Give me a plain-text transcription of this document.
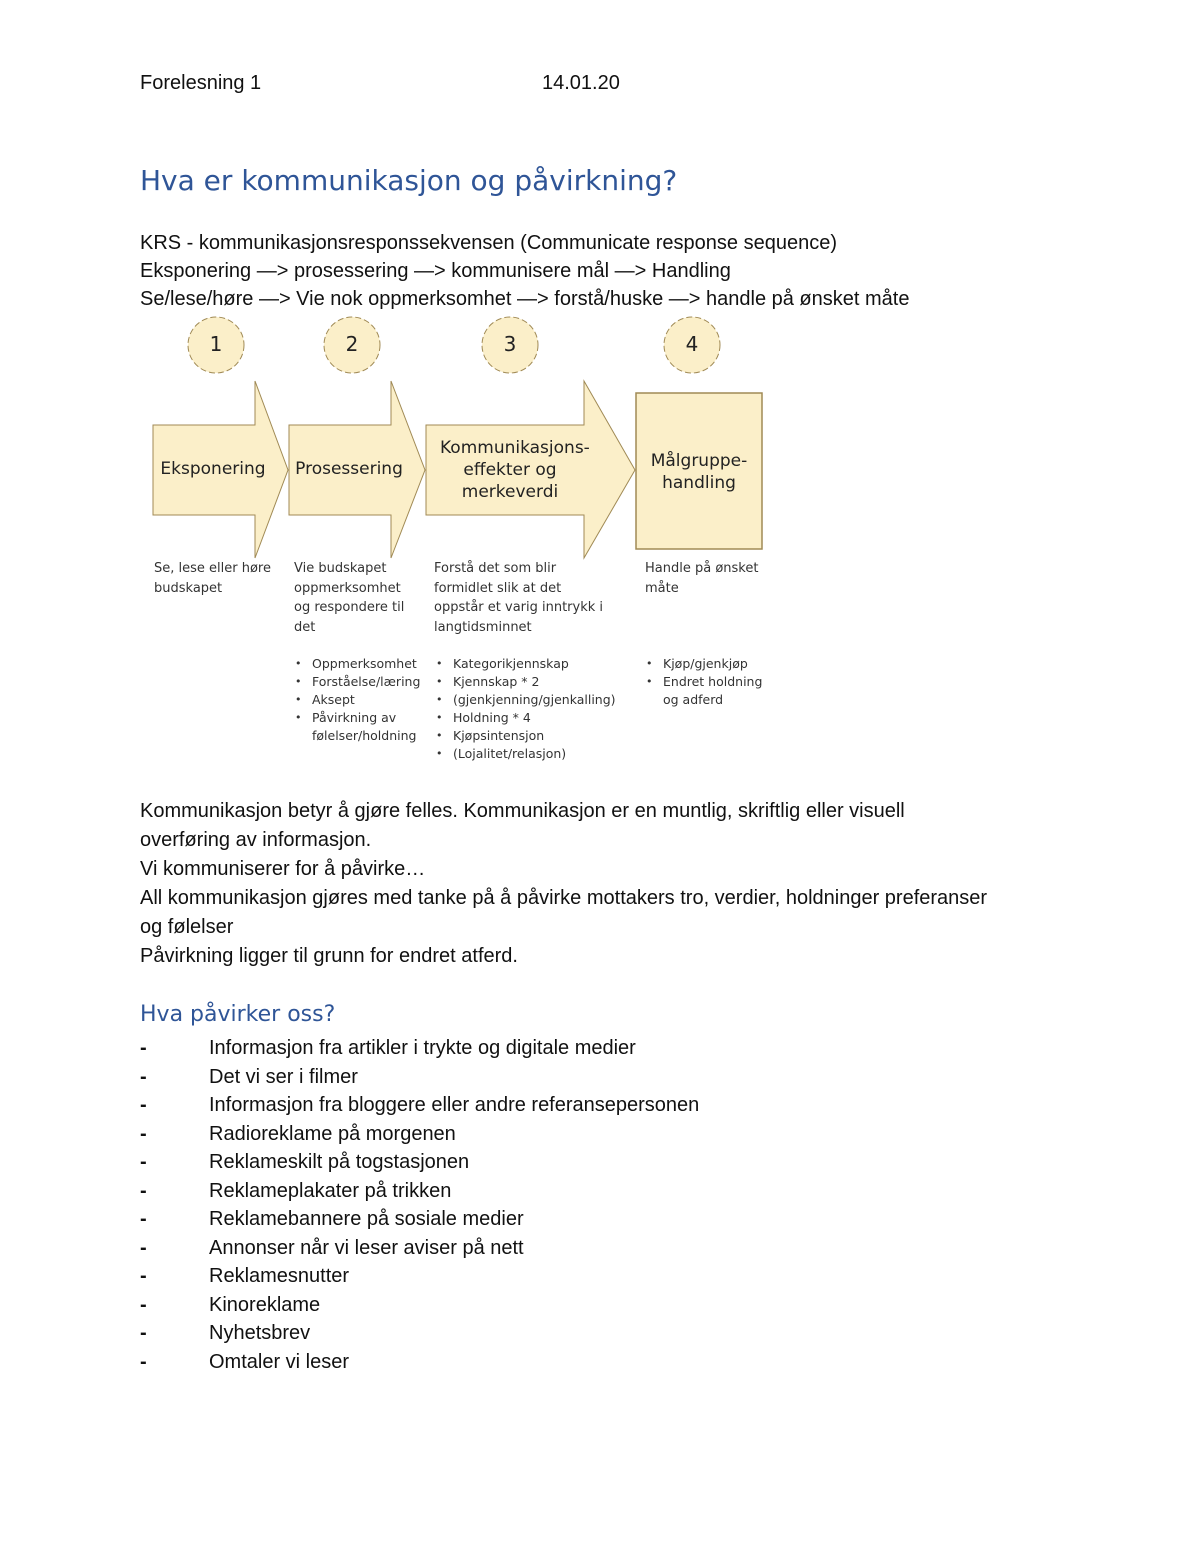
Forelesning 1	14.01.20
Hva er kommunikasjon og påvirkning?
KRS - kommunikasjonsresponssekvensen (Communicate response sequence)
Eksponering —> prosessering —> kommunisere mål —> Handling
Se/lese/høre —> Vie nok oppmerksomhet —> forstå/huske —> handle på ønsket måte
1	2	3	4
Eksponering	Prosessering
Kommunikasjons-effekter og merkeverdi
Målgruppe-handling
Se, lese eller høre budskapet
Vie budskapet oppmerksomhet og respondere til det
Forstå det som blir formidlet slik at det oppstår et varig inntrykk i langtidsminnet
Handle på ønsket måte
• Oppmerksomhet
• Forståelse/læring
• Aksept
• Påvirkning av
følelser/holdning
• Kategorikjennskap
• Kjennskap * 2
• (gjenkjenning/gjenkalling)
• Holdning * 4
• Kjøpsintensjon
• (Lojalitet/relasjon)
• Kjøp/gjenkjøp
• Endret holdning
og adferd
Kommunikasjon betyr å gjøre felles. Kommunikasjon er en muntlig, skriftlig eller visuell
overføring av informasjon.
Vi kommuniserer for å påvirke…
All kommunikasjon gjøres med tanke på å påvirke mottakers tro, verdier, holdninger preferanser
og følelser
Påvirkning ligger til grunn for endret atferd.
Hva påvirker oss?
-	Informasjon fra artikler i trykte og digitale medier
-	Det vi ser i filmer
-	Informasjon fra bloggere eller andre referansepersonen
-	Radioreklame på morgenen
-	Reklameskilt på togstasjonen
-	Reklameplakater på trikken
-	Reklamebannere på sosiale medier
-	Annonser når vi leser aviser på nett
-	Reklamesnutter
-	Kinoreklame
-	Nyhetsbrev
-	Omtaler vi leser
